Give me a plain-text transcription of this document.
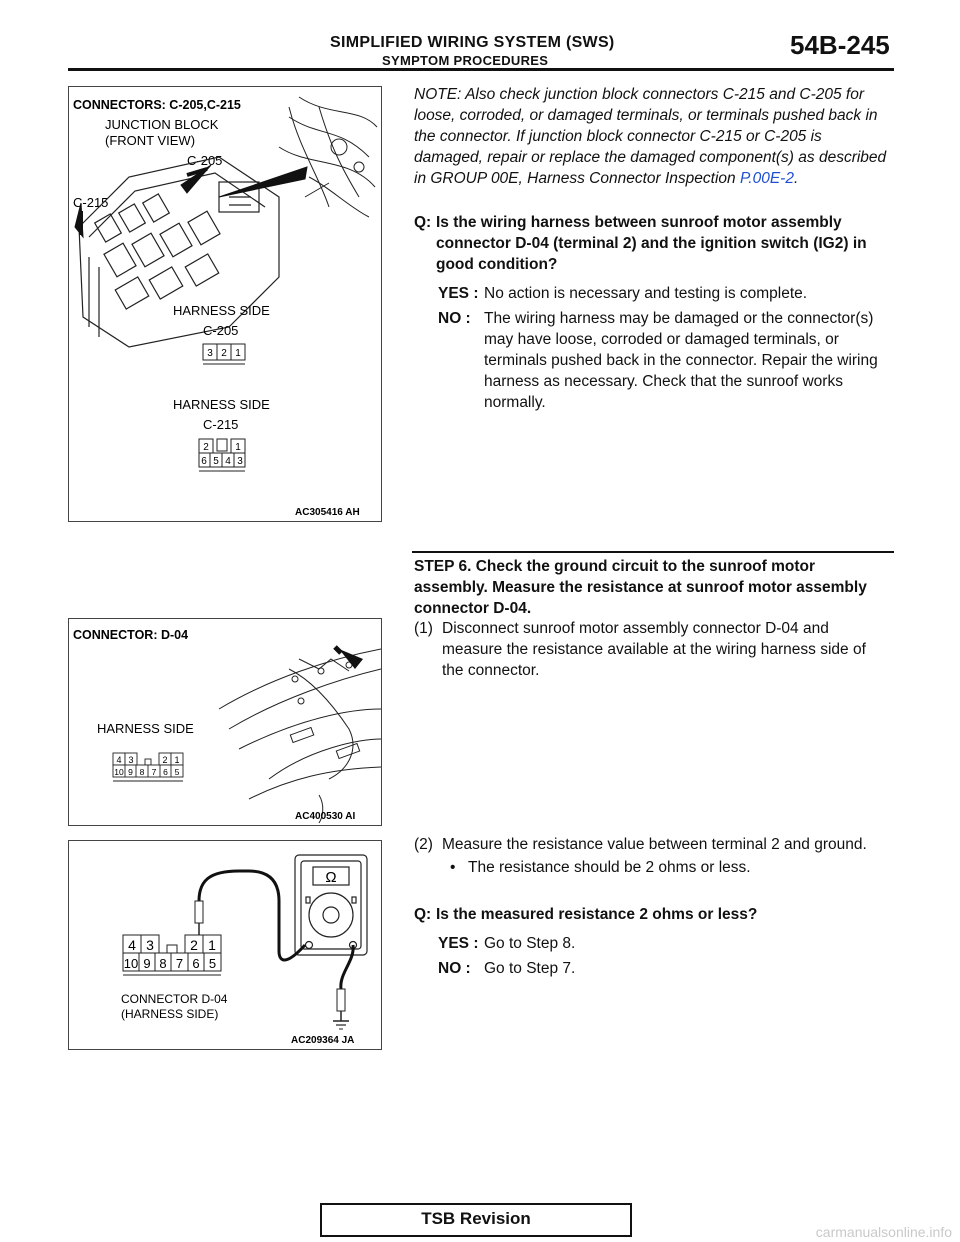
SIMPLIFIED WIRING SYSTEM (SWS)
SYMPTOM PROCEDURES
54B-245
CONNECTORS: C-205,C-215
JUNCTION BLOCK
(FRONT VIEW)
C-205
C-215
HARNESS SIDE
C-205
3 2 1
HARNESS SIDE
C-215
2	1
6 5 4 3
AC305416 AH
CONNECTOR: D-04
HARNESS SIDE
4 3	2 1
10 9 8 7 6 5
AC400530 AI
Ω
4 3	2 1
10 9 8 7 6 5
CONNECTOR D-04
(HARNESS SIDE)
AC209364 JA
NOTE: Also check junction block connectors C-215 and C-205 for loose, corroded, or damaged terminals, or terminals pushed back in the connector. If junction block connector C-215 or C-205 is damaged, repair or replace the damaged component(s) as described in GROUP 00E, Harness Connector Inspection P.00E-2.
Q: Is the wiring harness between sunroof motor assembly connector D-04 (terminal 2) and the ignition switch (IG2) in good condition?
YES : No action is necessary and testing is complete.
NO : The wiring harness may be damaged or the connector(s) may have loose, corroded or damaged terminals, or terminals pushed back in the connector. Repair the wiring harness as necessary. Check that the sunroof works normally.
STEP 6. Check the ground circuit to the sunroof motor assembly. Measure the resistance at sunroof motor assembly connector D-04.
(1) Disconnect sunroof motor assembly connector D-04 and measure the resistance available at the wiring harness side of the connector.
(2) Measure the resistance value between terminal 2 and ground.
• The resistance should be 2 ohms or less.
Q: Is the measured resistance 2 ohms or less?
YES : Go to Step 8.
NO : Go to Step 7.
TSB Revision
carmanualsonline.info
